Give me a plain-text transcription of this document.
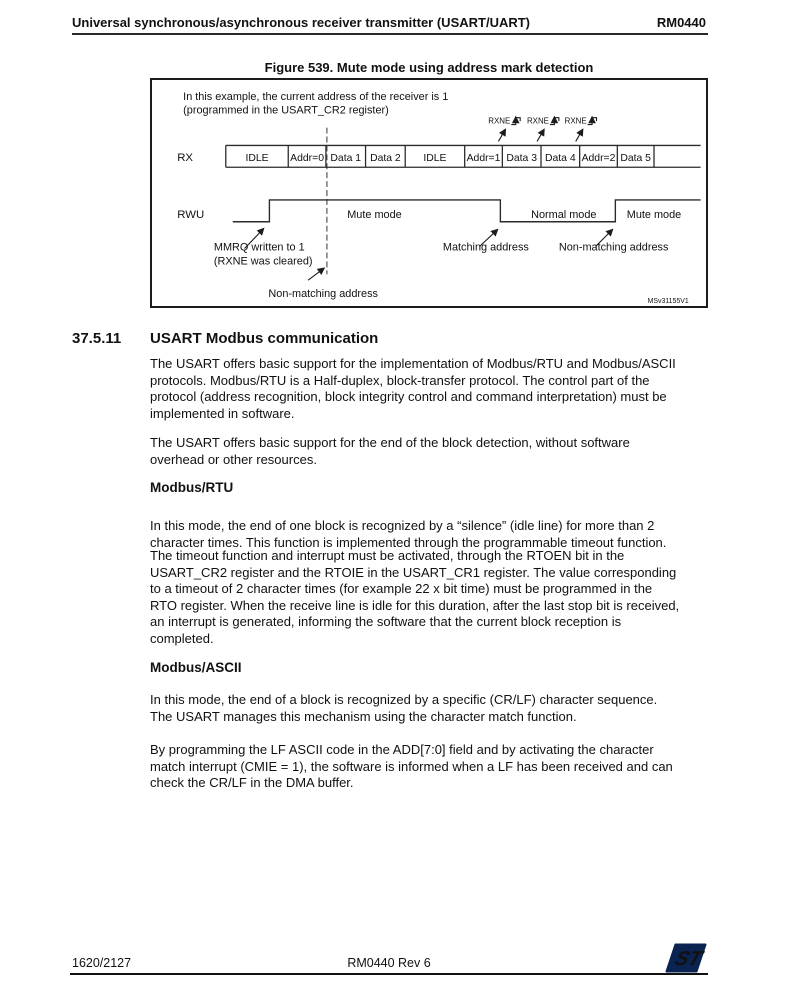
Universal synchronous/asynchronous receiver transmitter (USART/UART)	RM0440
Figure 539. Mute mode using address mark detection
In this example, the current address of the receiver is 1
(programmed in the USART_CR2 register)
RXNE RXNE RXNE
RX	IDLE Addr=0 Data 1 Data 2 IDLE Addr=1 Data 3 Data 4 Addr=2 Data 5
RWU	Mute mode	Normal mode	Mute mode
MMRQ written to 1
(RXNE was cleared)
Matching address	Non-matching address
Non-matching address
MSv31155V1
37.5.11 USART Modbus communication
The USART offers basic support for the implementation of Modbus/RTU and Modbus/ASCII
protocols. Modbus/RTU is a Half-duplex, block-transfer protocol. The control part of the
protocol (address recognition, block integrity control and command interpretation) must be
implemented in software.
The USART offers basic support for the end of the block detection, without software
overhead or other resources.
Modbus/RTU
In this mode, the end of one block is recognized by a “silence” (idle line) for more than 2
character times. This function is implemented through the programmable timeout function.
The timeout function and interrupt must be activated, through the RTOEN bit in the
USART_CR2 register and the RTOIE in the USART_CR1 register. The value corresponding
to a timeout of 2 character times (for example 22 x bit time) must be programmed in the
RTO register. When the receive line is idle for this duration, after the last stop bit is received,
an interrupt is generated, informing the software that the current block reception is
completed.
Modbus/ASCII
In this mode, the end of a block is recognized by a specific (CR/LF) character sequence.
The USART manages this mechanism using the character match function.
By programming the LF ASCII code in the ADD[7:0] field and by activating the character
match interrupt (CMIE = 1), the software is informed when a LF has been received and can
check the CR/LF in the DMA buffer.
RM0440 Rev 6
1620/2127	ST
